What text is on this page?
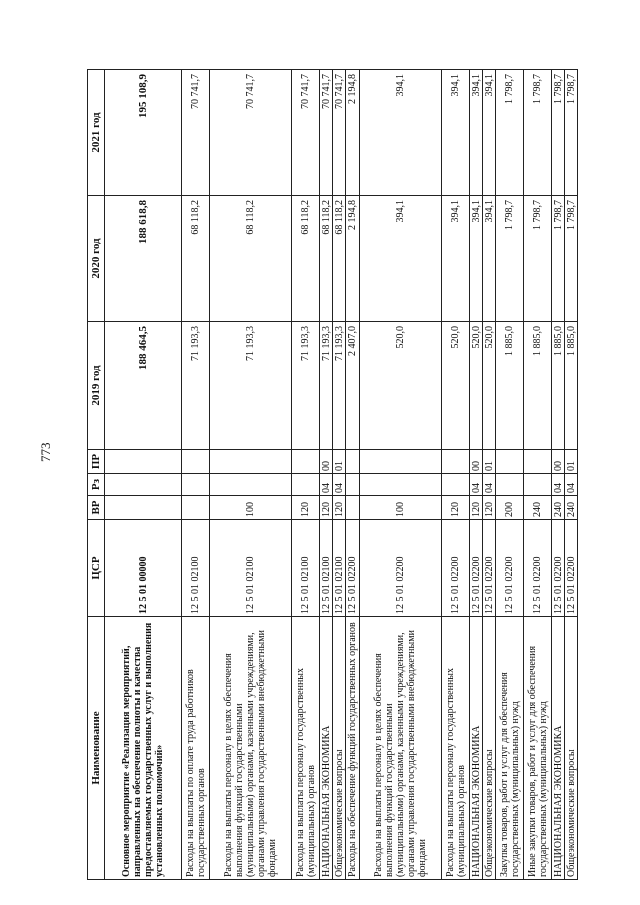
773
Наименование	ЦСР	ВР	Рз	ПР	2019 год	2020 год	2021 год
Основное мероприятие «Реализация мероприятий, направленных на обеспечение полноты и качества предоставляемых государственных услуг и выполнения установленных полномочий»	12 5 01 00000				188 464,5	188 618,8	195 108,9
Расходы на выплаты по оплате труда работников государственных органов	12 5 01 02100				71 193,3	68 118,2	70 741,7
Расходы на выплаты персоналу в целях обеспечения выполнения функций государственными (муниципальными) органами, казенными учреждениями, органами управления государственными внебюджетными фондами	12 5 01 02100	100			71 193,3	68 118,2	70 741,7
Расходы на выплаты персоналу государственных (муниципальных) органов	12 5 01 02100	120			71 193,3	68 118,2	70 741,7
НАЦИОНАЛЬНАЯ ЭКОНОМИКА	12 5 01 02100	120	04	00	71 193,3	68 118,2	70 741,7
Общеэкономические вопросы	12 5 01 02100	120	04	01	71 193,3	68 118,2	70 741,7
Расходы на обеспечение функций государственных органов	12 5 01 02200				2 407,0	2 194,8	2 194,8
Расходы на выплаты персоналу в целях обеспечения выполнения функций государственными (муниципальными) органами, казенными учреждениями, органами управления государственными внебюджетными фондами	12 5 01 02200	100			520,0	394,1	394,1
Расходы на выплаты персоналу государственных (муниципальных) органов	12 5 01 02200	120			520,0	394,1	394,1
НАЦИОНАЛЬНАЯ ЭКОНОМИКА	12 5 01 02200	120	04	00	520,0	394,1	394,1
Общеэкономические вопросы	12 5 01 02200	120	04	01	520,0	394,1	394,1
Закупка товаров, работ и услуг для обеспечения государственных (муниципальных) нужд	12 5 01 02200	200			1 885,0	1 798,7	1 798,7
Иные закупки товаров, работ и услуг для обеспечения государственных (муниципальных) нужд	12 5 01 02200	240			1 885,0	1 798,7	1 798,7
НАЦИОНАЛЬНАЯ ЭКОНОМИКА	12 5 01 02200	240	04	00	1 885,0	1 798,7	1 798,7
Общеэкономические вопросы	12 5 01 02200	240	04	01	1 885,0	1 798,7	1 798,7
